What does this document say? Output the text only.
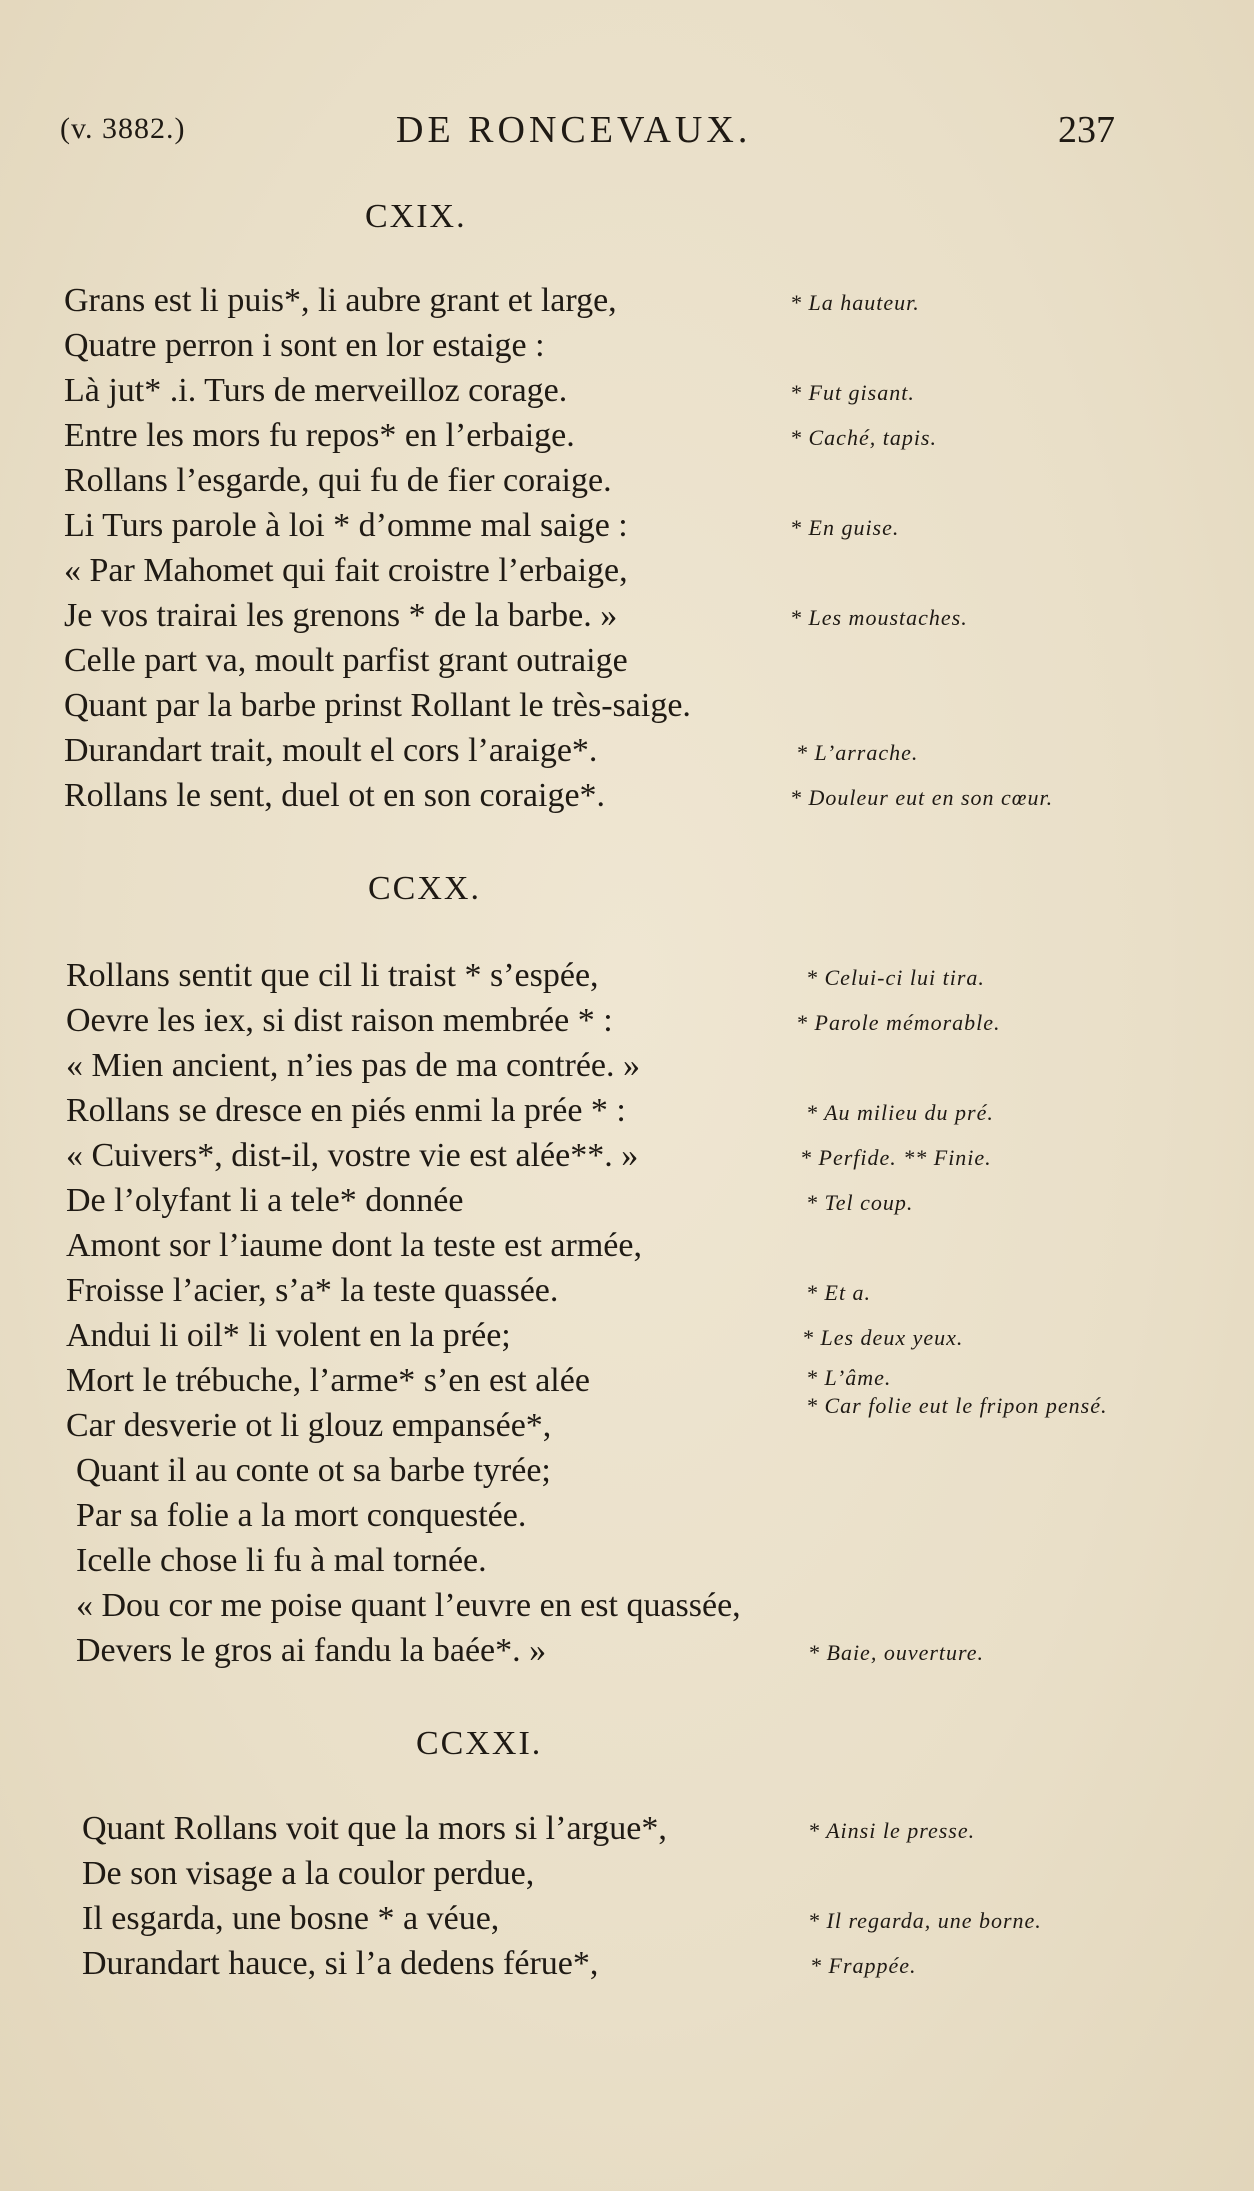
(v. 3882.)	DE RONCEVAUX.	237
CXIX.
Grans est li puis*, li aubre grant et large,
Quatre perron i sont en lor estaige :
Là jut* .i. Turs de merveilloz corage.
Entre les mors fu repos* en l’erbaige.
Rollans l’esgarde, qui fu de fier coraige.
Li Turs parole à loi * d’omme mal saige :
« Par Mahomet qui fait croistre l’erbaige,
Je vos trairai les grenons * de la barbe. »
Celle part va, moult parfist grant outraige
Quant par la barbe prinst Rollant le très-saige.
Durandart trait, moult el cors l’araige*.
Rollans le sent, duel ot en son coraige*.
* La hauteur.
* Fut gisant.
* Caché, tapis.
* En guise.
* Les moustaches.
* L’arrache.
* Douleur eut en son cœur.
CCXX.
Rollans sentit que cil li traist * s’espée,
Oevre les iex, si dist raison membrée * :
« Mien ancient, n’ies pas de ma contrée. »
Rollans se dresce en piés enmi la prée * :
« Cuivers*, dist-il, vostre vie est alée**. »
De l’olyfant li a tele* donnée
Amont sor l’iaume dont la teste est armée,
Froisse l’acier, s’a* la teste quassée.
Andui li oil* li volent en la prée;
Mort le trébuche, l’arme* s’en est alée
Car desverie ot li glouz empansée*,
Quant il au conte ot sa barbe tyrée;
Par sa folie a la mort conquestée.
Icelle chose li fu à mal tornée.
« Dou cor me poise quant l’euvre en est quassée,
Devers le gros ai fandu la baée*. »
* Celui-ci lui tira.
* Parole mémorable.
* Au milieu du pré.
* Perfide. ** Finie.
* Tel coup.
* Et a.
* Les deux yeux.
* L’âme.
* Car folie eut le fripon pensé.
* Baie, ouverture.
CCXXI.
Quant Rollans voit que la mors si l’argue*,
De son visage a la coulor perdue,
Il esgarda, une bosne * a véue,
Durandart hauce, si l’a dedens férue*,
* Ainsi le presse.
* Il regarda, une borne.
* Frappée.
